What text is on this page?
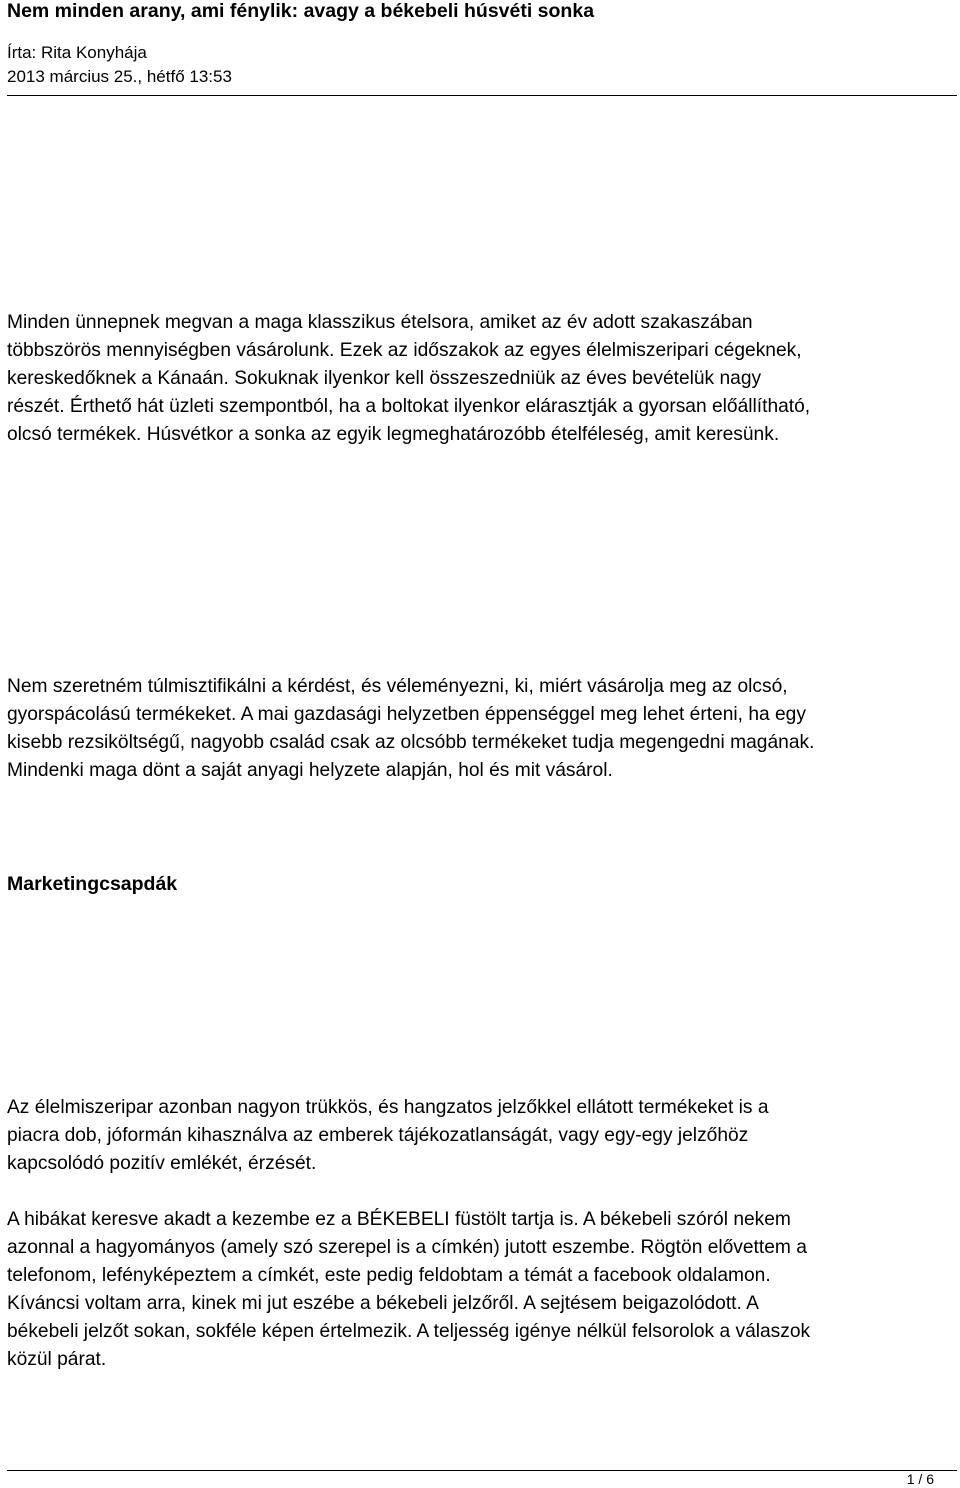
Nem minden arany, ami fénylik: avagy a békebeli húsvéti sonka
Írta: Rita Konyhája
2013 március 25., hétfő 13:53

Minden ünnepnek megvan a maga klasszikus ételsora, amiket az év adott szakaszában
többszörös mennyiségben vásárolunk. Ezek az időszakok az egyes élelmiszeripari cégeknek,
kereskedőknek a Kánaán. Sokuknak ilyenkor kell összeszedniük az éves bevételük nagy
részét. Érthető hát üzleti szempontból, ha a boltokat ilyenkor elárasztják a gyorsan előállítható,
olcsó termékek. Húsvétkor a sonka az egyik legmeghatározóbb ételféleség, amit keresünk.

Nem szeretném túlmisztifikálni a kérdést, és véleményezni, ki, miért vásárolja meg az olcsó,
gyorspácolású termékeket. A mai gazdasági helyzetben éppenséggel meg lehet érteni, ha egy
kisebb rezsiköltségű, nagyobb család csak az olcsóbb termékeket tudja megengedni magának.
Mindenki maga dönt a saját anyagi helyzete alapján, hol és mit vásárol.

Marketingcsapdák

Az élelmiszeripar azonban nagyon trükkös, és hangzatos jelzőkkel ellátott termékeket is a
piacra dob, jóformán kihasználva az emberek tájékozatlanságát, vagy egy-egy jelzőhöz
kapcsolódó pozitív emlékét, érzését.

A hibákat keresve akadt a kezembe ez a BÉKEBELI füstölt tartja is. A békebeli szóról nekem
azonnal a hagyományos (amely szó szerepel is a címkén) jutott eszembe. Rögtön elővettem a
telefonom, lefényképeztem a címkét, este pedig feldobtam a témát a facebook oldalamon.
Kíváncsi voltam arra, kinek mi jut eszébe a békebeli jelzőről. A sejtésem beigazolódott. A
békebeli jelzőt sokan, sokféle képen értelmezik. A teljesség igénye nélkül felsorolok a válaszok
közül párat.

1 / 6
